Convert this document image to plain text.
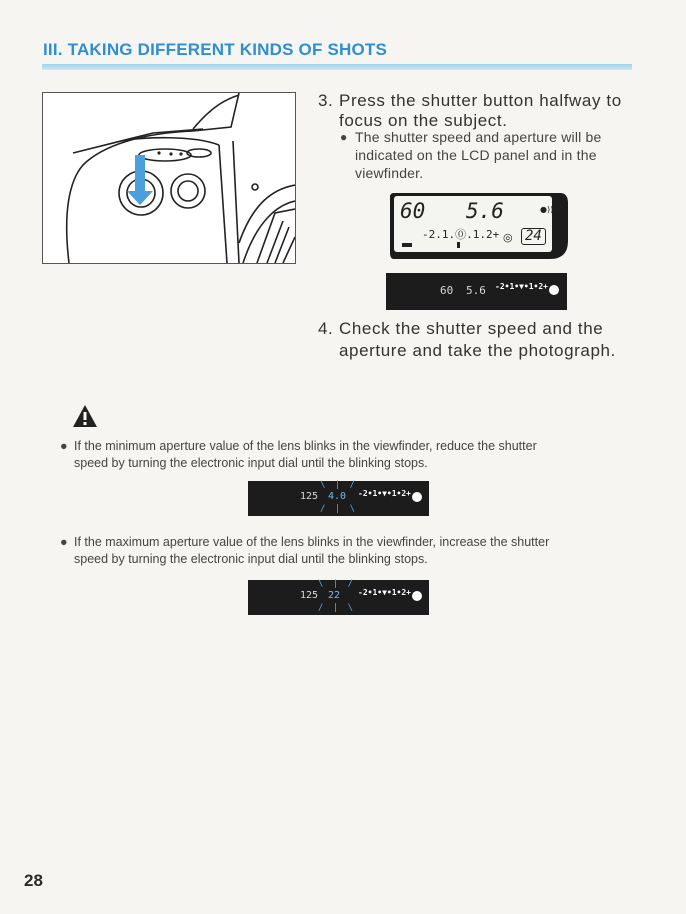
III. TAKING DIFFERENT KINDS OF SHOTS
3. Press the shutter button halfway to
focus on the subject.
● The shutter speed and aperture will be indicated on the LCD panel and in the viewfinder.
●)))
60 5.6
-2.1.⓪.1.2+ 24
◎
60 5.6 -2•1•▼•1•2+
4. Check the shutter speed and the
aperture and take the photograph.
● If the minimum aperture value of the lens blinks in the viewfinder, reduce the shutter
speed by turning the electronic input dial until the blinking stops.
125
\ | /
4.0
/ | \
-2•1•▼•1•2+
● If the maximum aperture value of the lens blinks in the viewfinder, increase the shutter
speed by turning the electronic input dial until the blinking stops.
125
\ | /
22
/ | \
-2•1•▼•1•2+
28
